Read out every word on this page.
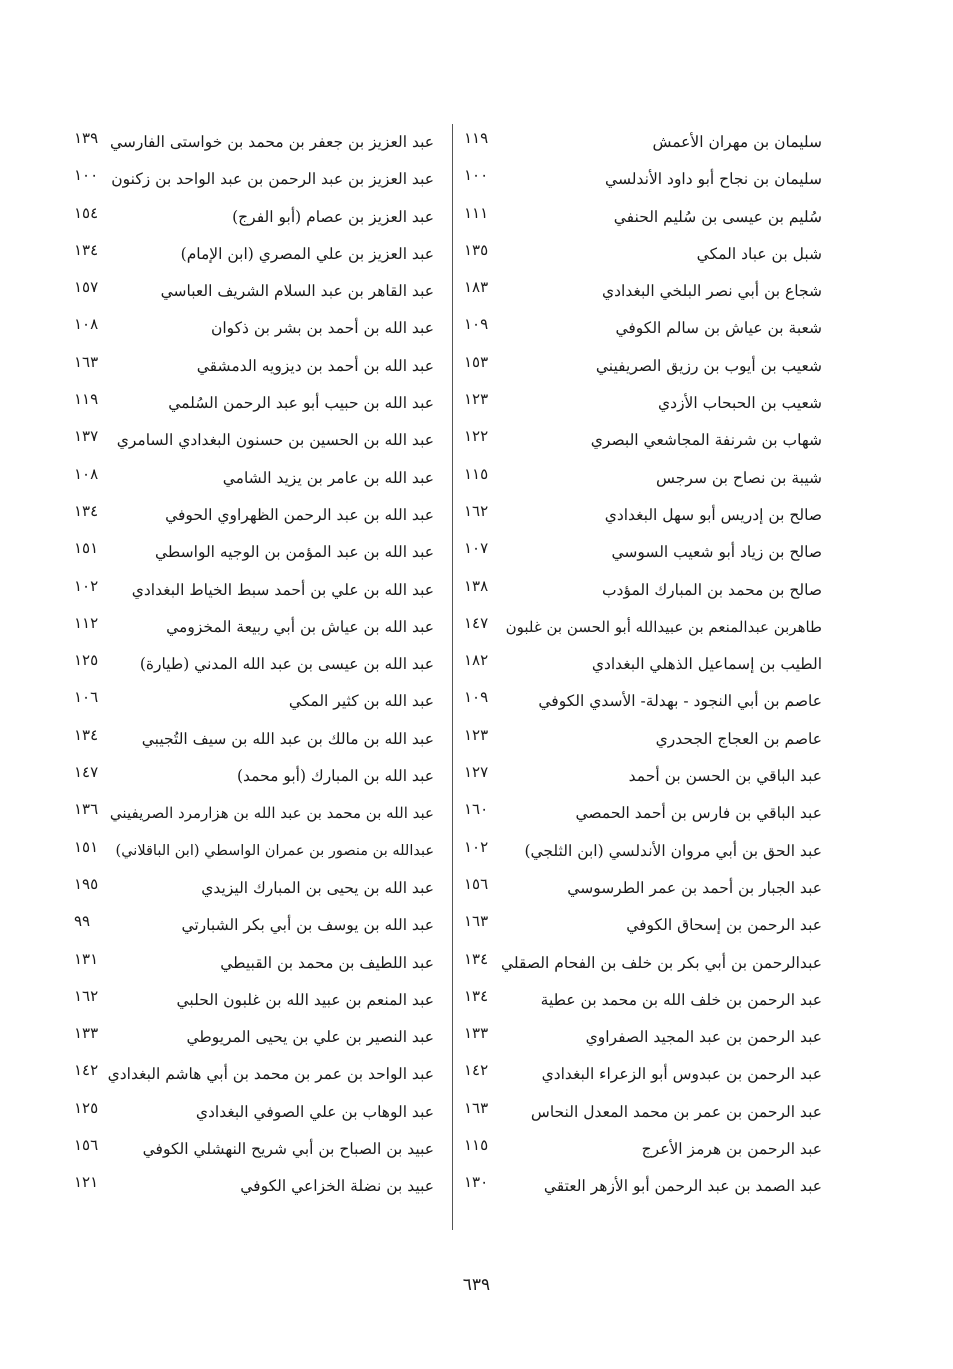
سليمان بن مهران الأعمش
١١٩
سليمان بن نجاح أبو داود الأندلسي
١٠٠
سُليم بن عيسى بن سُليم الحنفي
١١١
شبل بن عباد المكي
١٣٥
شجاع بن أبي نصر البلخي البغدادي
١٨٣
شعبة بن عياش بن سالم الكوفي
١٠٩
شعيب بن أيوب بن رزيق الصريفيني
١٥٣
شعيب بن الحبحاب الأزدي
١٢٣
شهاب بن شرنفة المجاشعي البصري
١٢٢
شيبة بن نصاح بن سرجس
١١٥
صالح بن إدريس أبو سهل البغدادي
١٦٢
صالح بن زياد أبو شعيب السوسي
١٠٧
صالح بن محمد بن المبارك المؤدب
١٣٨
طاهربن عبدالمنعم بن عبيدالله أبو الحسن بن غلبون
١٤٧
الطيب بن إسماعيل الذهلي البغدادي
١٨٢
عاصم بن أبي النجود - بهدلة- الأسدي الكوفي
١٠٩
عاصم بن العجاج الجحدري
١٢٣
عبد الباقي بن الحسن بن أحمد
١٢٧
عبد الباقي بن فارس بن أحمد الحمصي
١٦٠
عبد الحق بن أبي مروان الأندلسي (ابن الثلجي)
١٠٢
عبد الجبار بن أحمد بن عمر الطرسوسي
١٥٦
عبد الرحمن بن إسحاق الكوفي
١٦٣
عبدالرحمن بن أبي بكر بن خلف بن الفحام الصقلي
١٣٤
عبد الرحمن بن خلف الله بن محمد بن عطية
١٣٤
عبد الرحمن بن عبد المجيد الصفراوي
١٣٣
عبد الرحمن بن عبدوس أبو الزعراء البغدادي
١٤٢
عبد الرحمن بن عمر بن محمد المعدل النحاس
١٦٣
عبد الرحمن بن هرمز الأعرج
١١٥
عبد الصمد بن عبد الرحمن أبو الأزهر العتقي
١٣٠
عبد العزيز بن جعفر بن محمد بن خواستى الفارسي
١٣٩
عبد العزيز بن عبد الرحمن بن عبد الواحد بن زكنون
١٠٠
عبد العزيز بن عصام (أبو الفرج)
١٥٤
عبد العزيز بن علي المصري (ابن الإمام)
١٣٤
عبد القاهر بن عبد السلام الشريف العباسي
١٥٧
عبد الله بن أحمد بن بشر بن ذكوان
١٠٨
عبد الله بن أحمد بن ديزويه الدمشقي
١٦٣
عبد الله بن حبيب أبو عبد الرحمن السُلمي
١١٩
عبد الله بن الحسين بن حسنون البغدادي السامري
١٣٧
عبد الله بن عامر بن يزيد الشامي
١٠٨
عبد الله بن عبد الرحمن الظهراوي الحوفي
١٣٤
عبد الله بن عبد المؤمن بن الوجيه الواسطي
١٥١
عبد الله بن علي بن أحمد سبط الخياط البغدادي
١٠٢
عبد الله بن عياش بن أبي ربيعة المخزومي
١١٢
عبد الله بن عيسى بن عبد الله المدني (طيارة)
١٢٥
عبد الله بن كثير المكي
١٠٦
عبد الله بن مالك بن عبد الله بن سيف التُجيبي
١٣٤
عبد الله بن المبارك (أبو محمد)
١٤٧
عبد الله بن محمد بن عبد الله بن هزارمرد الصريفيني
١٣٦
عبدالله بن منصور بن عمران الواسطي (ابن الباقلاني)
١٥١
عبد الله بن يحيى بن المبارك اليزيدي
١٩٥
عبد الله بن يوسف بن أبي بكر الشبارتي
٩٩
عبد اللطيف بن محمد بن القبيطي
١٣١
عبد المنعم بن عبيد الله بن غلبون الحلبي
١٦٢
عبد النصير بن علي بن يحيى المريوطي
١٣٣
عبد الواحد بن عمر بن محمد بن أبي هاشم البغدادي
١٤٢
عبد الوهاب بن علي الصوفي البغدادي
١٢٥
عبيد بن الصباح بن أبي شريح النهشلي الكوفي
١٥٦
عبيد بن نضلة الخزاعي الكوفي
١٢١
٦٣٩
